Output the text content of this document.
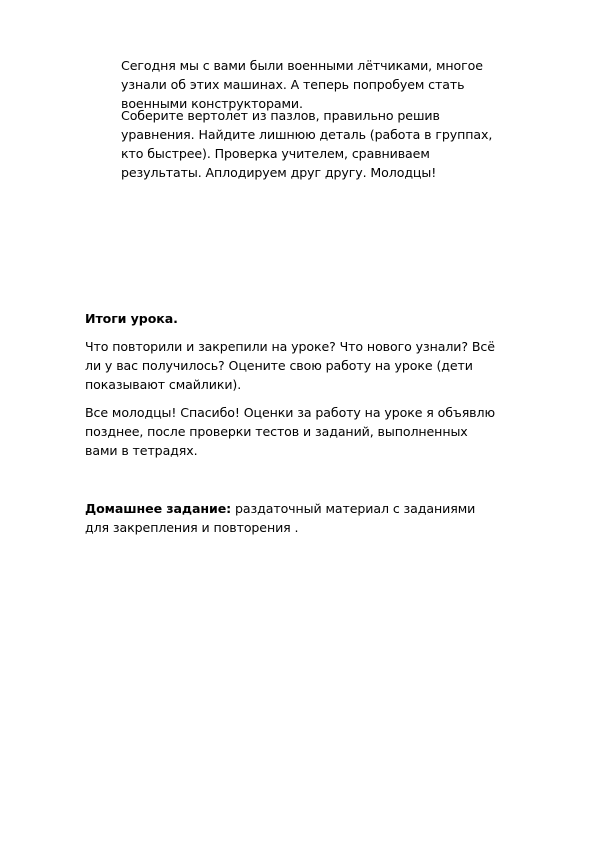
Сегодня мы с вами были военными лётчиками, многое
узнали об этих машинах. А теперь попробуем стать
военными конструкторами.
Соберите вертолет из пазлов, правильно решив
уравнения. Найдите лишнюю деталь (работа в группах,
кто быстрее). Проверка учителем, сравниваем
результаты. Аплодируем друг другу. Молодцы!
Итоги урока.
Что повторили и закрепили на уроке? Что нового узнали? Всё
ли у вас получилось? Оцените свою работу на уроке (дети
показывают смайлики).
Все молодцы! Спасибо! Оценки за работу на уроке я объявлю
позднее, после проверки тестов и заданий, выполненных
вами в тетрадях.
Домашнее задание: раздаточный материал с заданиями
для закрепления и повторения .
